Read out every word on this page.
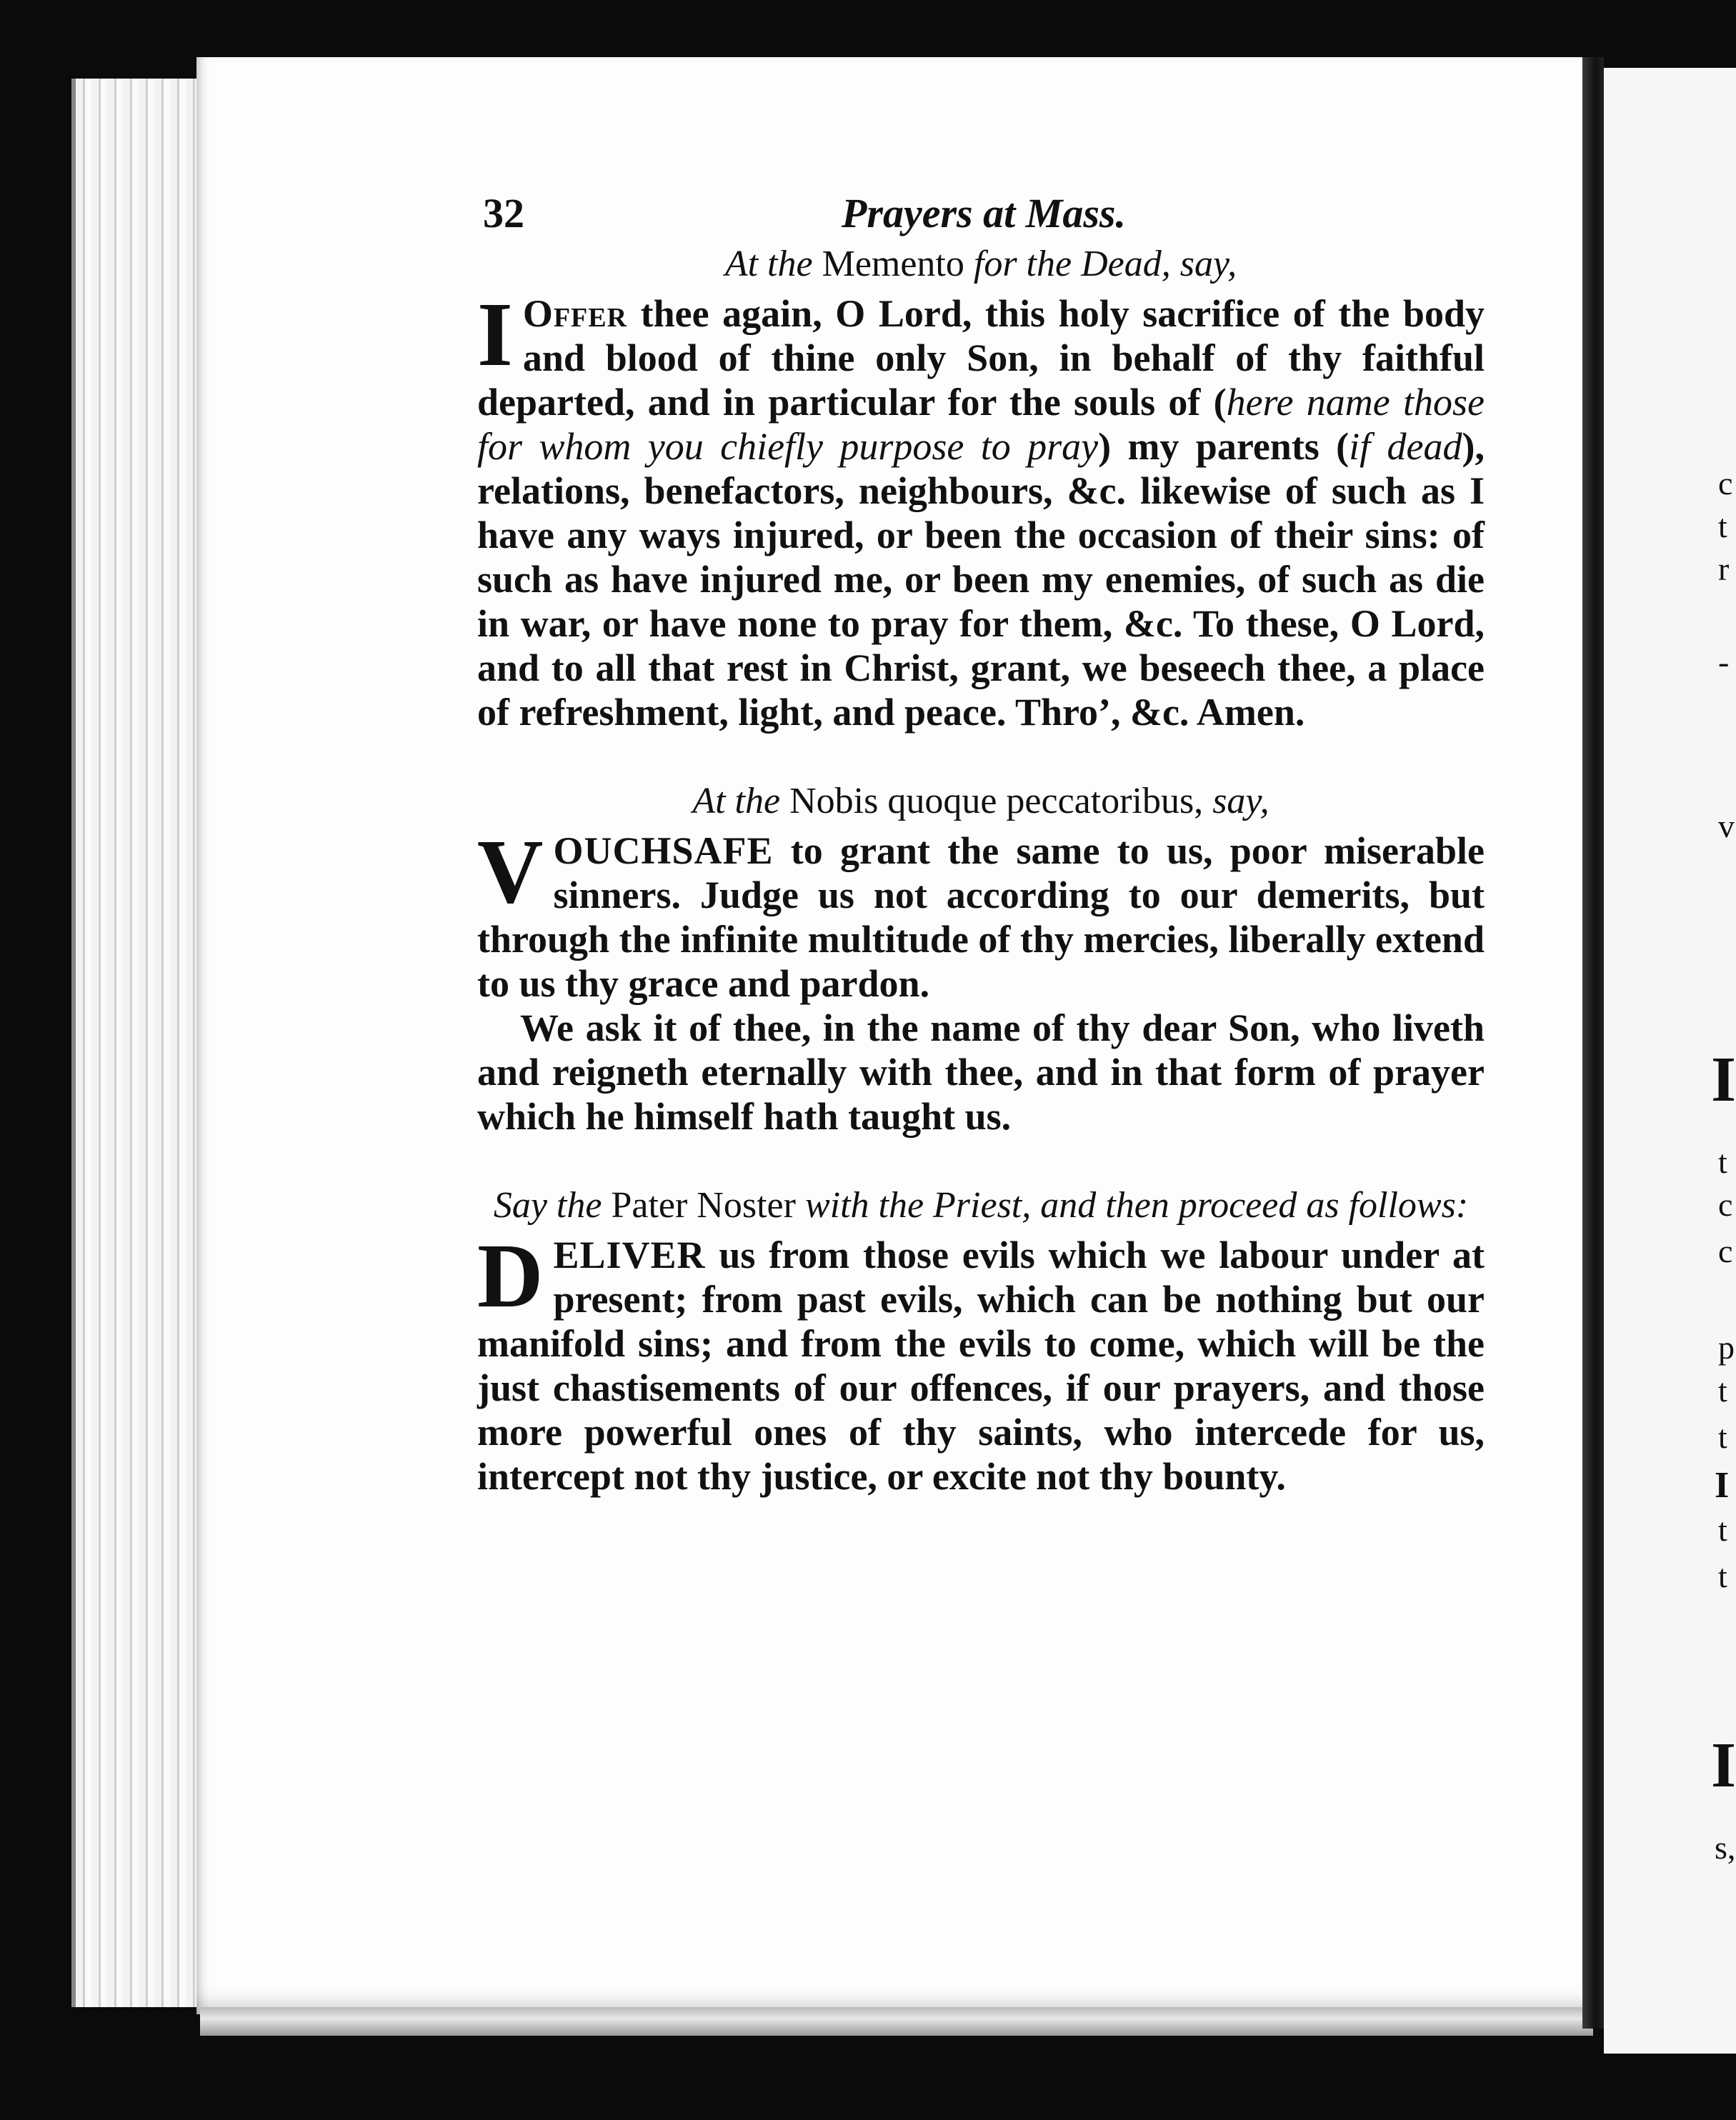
c
t
r
-
v
I
t
c
c
p
t
t
I
t
t
I
s,
32	Prayers at Mass.
At the Memento for the Dead, say,

I Offer thee again, O Lord, this holy sacrifice of the body and blood of thine only Son, in behalf of thy faithful departed, and in particular for the souls of (here name those for whom you chiefly purpose to pray) my parents (if dead), relations, benefactors, neighbours, &c. likewise of such as I have any ways injured, or been the occasion of their sins: of such as have injured me, or been my enemies, of such as die in war, or have none to pray for them, &c. To these, O Lord, and to all that rest in Christ, grant, we beseech thee, a place of refreshment, light, and peace. Thro’, &c. Amen.

At the Nobis quoque peccatoribus, say,

VOUCHSAFE to grant the same to us, poor miserable sinners. Judge us not according to our demerits, but through the infinite multitude of thy mercies, liberally extend to us thy grace and pardon.

We ask it of thee, in the name of thy dear Son, who liveth and reigneth eternally with thee, and in that form of prayer which he himself hath taught us.

Say the Pater Noster with the Priest, and then proceed as follows:

DELIVER us from those evils which we labour under at present; from past evils, which can be nothing but our manifold sins; and from the evils to come, which will be the just chastisements of our offences, if our prayers, and those more powerful ones of thy saints, who intercede for us, intercept not thy justice, or excite not thy bounty.
